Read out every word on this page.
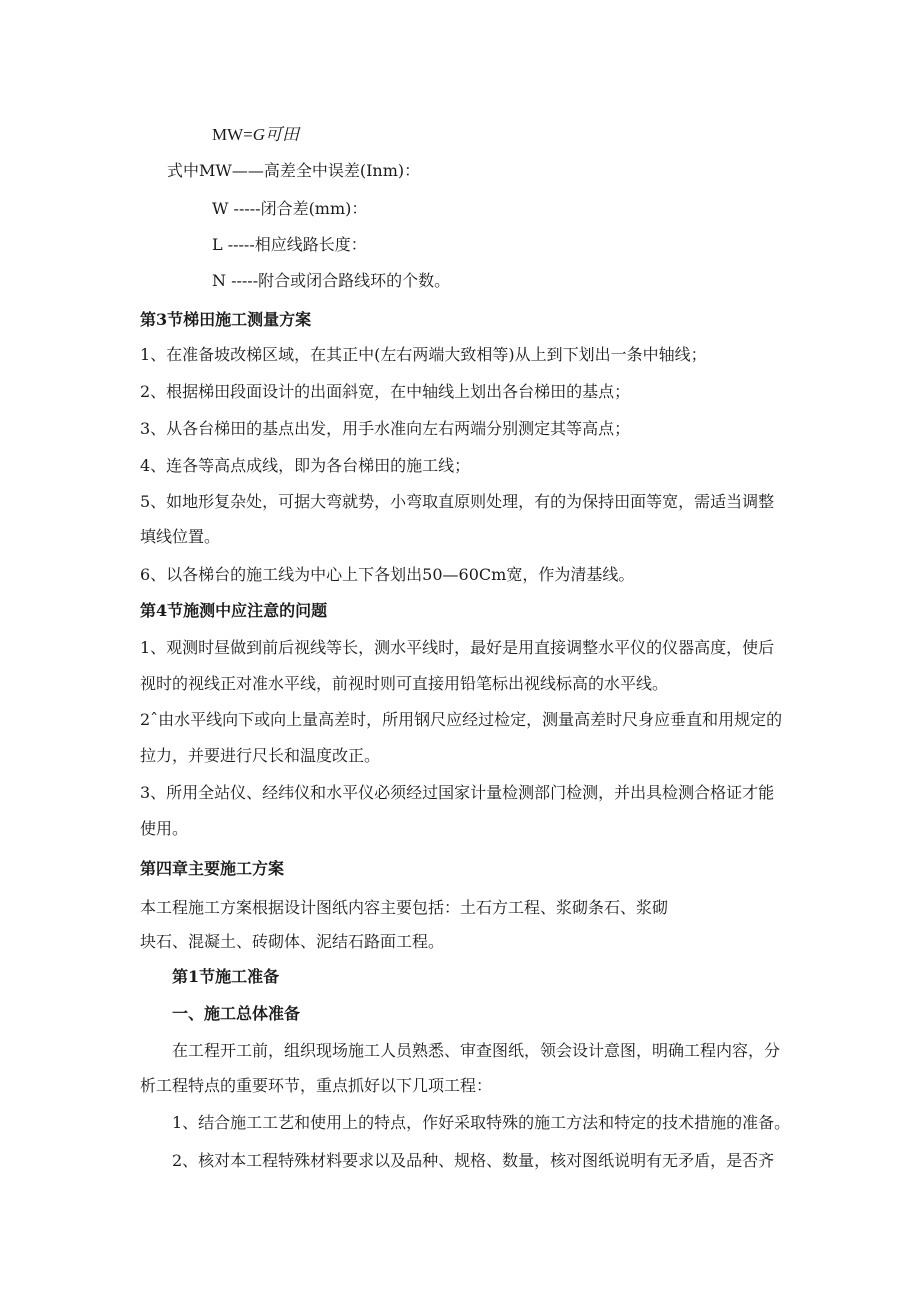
MW=G可田
式中MW——高差全中误差(Inm)：
W -----闭合差(mm)：
L -----相应线路长度：
N -----附合或闭合路线环的个数。
第3节梯田施工测量方案
1、在准备坡改梯区域，在其正中(左右两端大致相等)从上到下划出一条中轴线；
2、根据梯田段面设计的出面斜宽，在中轴线上划出各台梯田的基点；
3、从各台梯田的基点出发，用手水准向左右两端分别测定其等高点；
4、连各等高点成线，即为各台梯田的施工线；
5、如地形复杂处，可据大弯就势，小弯取直原则处理，有的为保持田面等宽，需适当调整
填线位置。
6、以各梯台的施工线为中心上下各划出50—60Cm宽，作为清基线。
第4节施测中应注意的问题
1、观测时昼做到前后视线等长，测水平线时，最好是用直接调整水平仪的仪器高度，使后
视时的视线正对准水平线，前视时则可直接用铅笔标出视线标高的水平线。
2ˆ由水平线向下或向上量高差时，所用钢尺应经过检定，测量高差时尺身应垂直和用规定的
拉力，并要进行尺长和温度改正。
3、所用全站仪、经纬仪和水平仪必须经过国家计量检测部门检测，并出具检测合格证才能
使用。
第四章主要施工方案
本工程施工方案根据设计图纸内容主要包括：土石方工程、浆砌条石、浆砌
块石、混凝土、砖砌体、泥结石路面工程。
第1节施工准备
一、施工总体准备
在工程开工前，组织现场施工人员熟悉、审查图纸，领会设计意图，明确工程内容，分
析工程特点的重要环节，重点抓好以下几项工程：
1、结合施工工艺和使用上的特点，作好采取特殊的施工方法和特定的技术措施的准备。
2、核对本工程特殊材料要求以及品种、规格、数量，核对图纸说明有无矛盾，是否齐
